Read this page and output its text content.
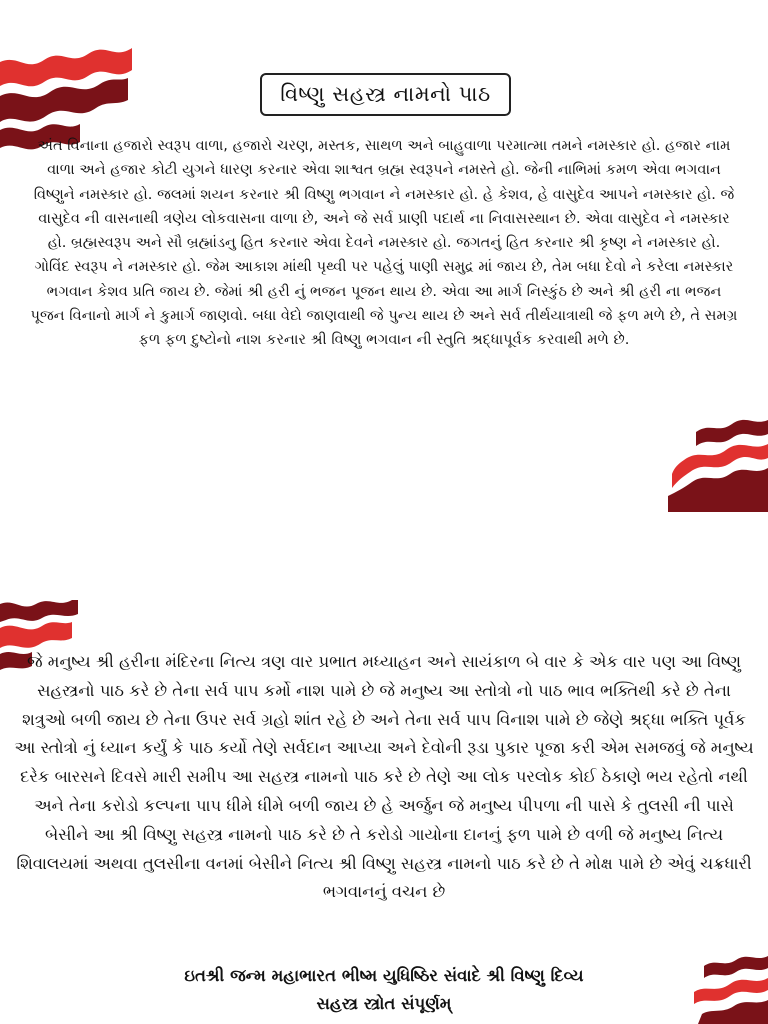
વિષ્ણુ સહસ્ત્ર નામનો પાઠ

અંત વિનાના હજારો સ્વરૂપ વાળા, હજારો ચરણ, મસ્તક, સાથળ અને બાહુવાળા પરમાત્મા તમને નમસ્કાર હો. હજાર નામ વાળા અને હજાર કોટી યુગને ધારણ કરનાર એવા શાશ્વત બ્રહ્મ સ્વરૂપને નમસ્તે હો. જેની નાભિમાં કમળ એવા ભગવાન વિષ્ણુને નમસ્કાર હો. જલમાં શયન કરનાર શ્રી વિષ્ણુ ભગવાન ને નમસ્કાર હો. હે કેશવ, હે વાસુદેવ આપને નમસ્કાર હો. જે વાસુદેવ ની વાસનાથી ત્રણેય લોકવાસના વાળા છે, અને જે સર્વ પ્રાણી પદાર્થ ના નિવાસસ્થાન છે. એવા વાસુદેવ ને નમસ્કાર હો. બ્રહ્મસ્વરૂપ અને સૌ બ્રહ્માંડનુ હિત કરનાર એવા દેવને નમસ્કાર હો. જગતનું હિત કરનાર શ્રી કૃષ્ણ ને નમસ્કાર હો. ગોવિંદ સ્વરૂપ ને નમસ્કાર હો. જેમ આકાશ માંથી પૃથ્વી પર પહેલું પાણી સમુદ્ર માં જાય છે, તેમ બધા દેવો ને કરેલા નમસ્કાર ભગવાન કેશવ પ્રતિ જાય છે. જેમાં શ્રી હરી નું ભજન પૂજન થાય છે. એવા આ માર્ગ નિસ્કુંઠ છે અને શ્રી હરી ના ભજન પૂજન વિનાનો માર્ગ ને કુમાર્ગ જાણવો. બધા વેદો જાણવાથી જે પુન્ય થાય છે અને સર્વ તીર્થયાત્રાથી જે ફળ મળે છે, તે સમગ્ર ફળ ફળ દુષ્ટોનો નાશ કરનાર શ્રી વિષ્ણુ ભગવાન ની સ્તુતિ શ્રદ્ધાપૂર્વક કરવાથી મળે છે.

જે મનુષ્ય શ્રી હરીના મંદિરના નિત્ય ત્રણ વાર પ્રભાત મધ્યાહન અને સાયંકાળ બે વાર કે એક વાર પણ આ વિષ્ણુ સહસ્ત્રનો પાઠ કરે છે તેના સર્વ પાપ કર્મો નાશ પામે છે જે મનુષ્ય આ સ્તોત્રો નો પાઠ ભાવ ભક્તિથી કરે છે તેના શત્રુઓ બળી જાય છે તેના ઉપર સર્વ ગ્રહો શાંત રહે છે અને તેના સર્વ પાપ વિનાશ પામે છે જેણે શ્રદ્ધા ભક્તિ પૂર્વક આ સ્તોત્રો નું ધ્યાન કર્યું કે પાઠ કર્યો તેણે સર્વદાન આપ્યા અને દેવોની રૂડા પુકાર પૂજા કરી એમ સમજવું જે મનુષ્ય દરેક બારસને દિવસે મારી સમીપ આ સહસ્ત્ર નામનો પાઠ કરે છે તેણે આ લોક પરલોક કોઈ ઠેકાણે ભય રહેતો નથી અને તેના કરોડો કલ્પના પાપ ધીમે ધીમે બળી જાય છે હે અર્જુન જે મનુષ્ય પીપળા ની પાસે કે તુલસી ની પાસે બેસીને આ શ્રી વિષ્ણુ સહસ્ત્ર નામનો પાઠ કરે છે તે કરોડો ગાયોના દાનનું ફળ પામે છે વળી જે મનુષ્ય નિત્ય શિવાલયમાં અથવા તુલસીના વનમાં બેસીને નિત્ય શ્રી વિષ્ણુ સહસ્ત્ર નામનો પાઠ કરે છે તે મોક્ષ પામે છે એવું ચક્રધારી ભગવાનનું વચન છે

ઇતશ્રી જન્મ મહાભારત ભીષ્મ યુધિષ્ઠિર સંવાદે શ્રી વિષ્ણુ દિવ્ય
સહસ્ત્ર સ્ત્રોત સંપૂર્ણમ્
